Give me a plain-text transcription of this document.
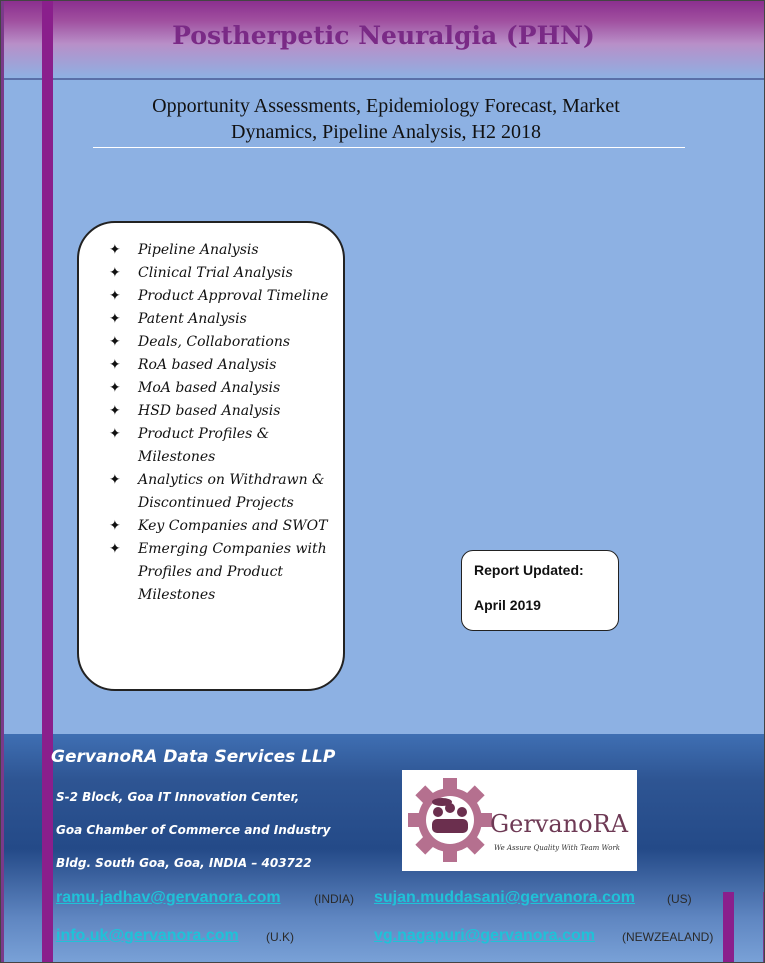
Postherpetic Neuralgia (PHN)
Opportunity Assessments, Epidemiology Forecast, Market
Dynamics, Pipeline Analysis, H2 2018
✦ Pipeline Analysis
✦ Clinical Trial Analysis
✦ Product Approval Timeline
✦ Patent Analysis
✦ Deals, Collaborations
✦ RoA based Analysis
✦ MoA based Analysis
✦ HSD based Analysis
✦ Product Profiles & Milestones
✦ Analytics on Withdrawn & Discontinued Projects
✦ Key Companies and SWOT
✦ Emerging Companies with Profiles and Product Milestones
Report Updated:
April 2019
GervanoRA Data Services LLP
S-2 Block, Goa IT Innovation Center,
Goa Chamber of Commerce and Industry
Bldg. South Goa, Goa, INDIA – 403722
GervanoRA
We Assure Quality With Team Work
ramu.jadhav@gervanora.com	(INDIA) sujan.muddasani@gervanora.com	(US)
info.uk@gervanora.com (U.K)	vg.nagapuri@gervanora.com (NEWZEALAND)
